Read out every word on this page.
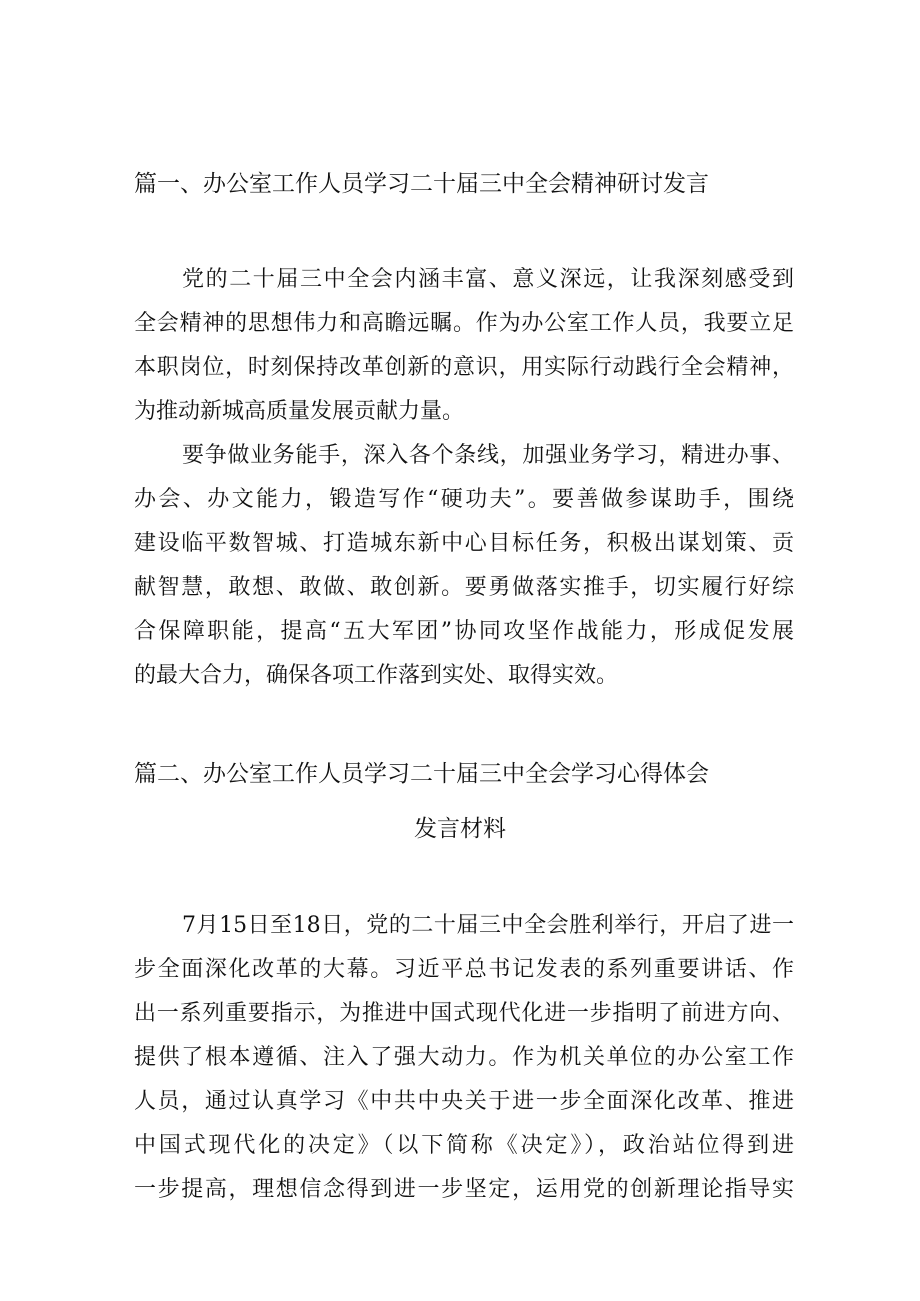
篇一、办公室工作人员学习二十届三中全会精神研讨发言
党的二十届三中全会内涵丰富、意义深远，让我深刻感受到
全会精神的思想伟力和高瞻远瞩。作为办公室工作人员，我要立足
本职岗位，时刻保持改革创新的意识，用实际行动践行全会精神，
为推动新城高质量发展贡献力量。
要争做业务能手，深入各个条线，加强业务学习，精进办事、
办会、办文能力，锻造写作“硬功夫”。要善做参谋助手，围绕
建设临平数智城、打造城东新中心目标任务，积极出谋划策、贡
献智慧，敢想、敢做、敢创新。要勇做落实推手，切实履行好综
合保障职能，提高“五大军团”协同攻坚作战能力，形成促发展
的最大合力，确保各项工作落到实处、取得实效。
篇二、办公室工作人员学习二十届三中全会学习心得体会
发言材料
7月15日至18日，党的二十届三中全会胜利举行，开启了进一
步全面深化改革的大幕。习近平总书记发表的系列重要讲话、作
出一系列重要指示，为推进中国式现代化进一步指明了前进方向、
提供了根本遵循、注入了强大动力。作为机关单位的办公室工作
人员，通过认真学习《中共中央关于进一步全面深化改革、推进
中国式现代化的决定》（以下简称《决定》），政治站位得到进
一步提高，理想信念得到进一步坚定，运用党的创新理论指导实
